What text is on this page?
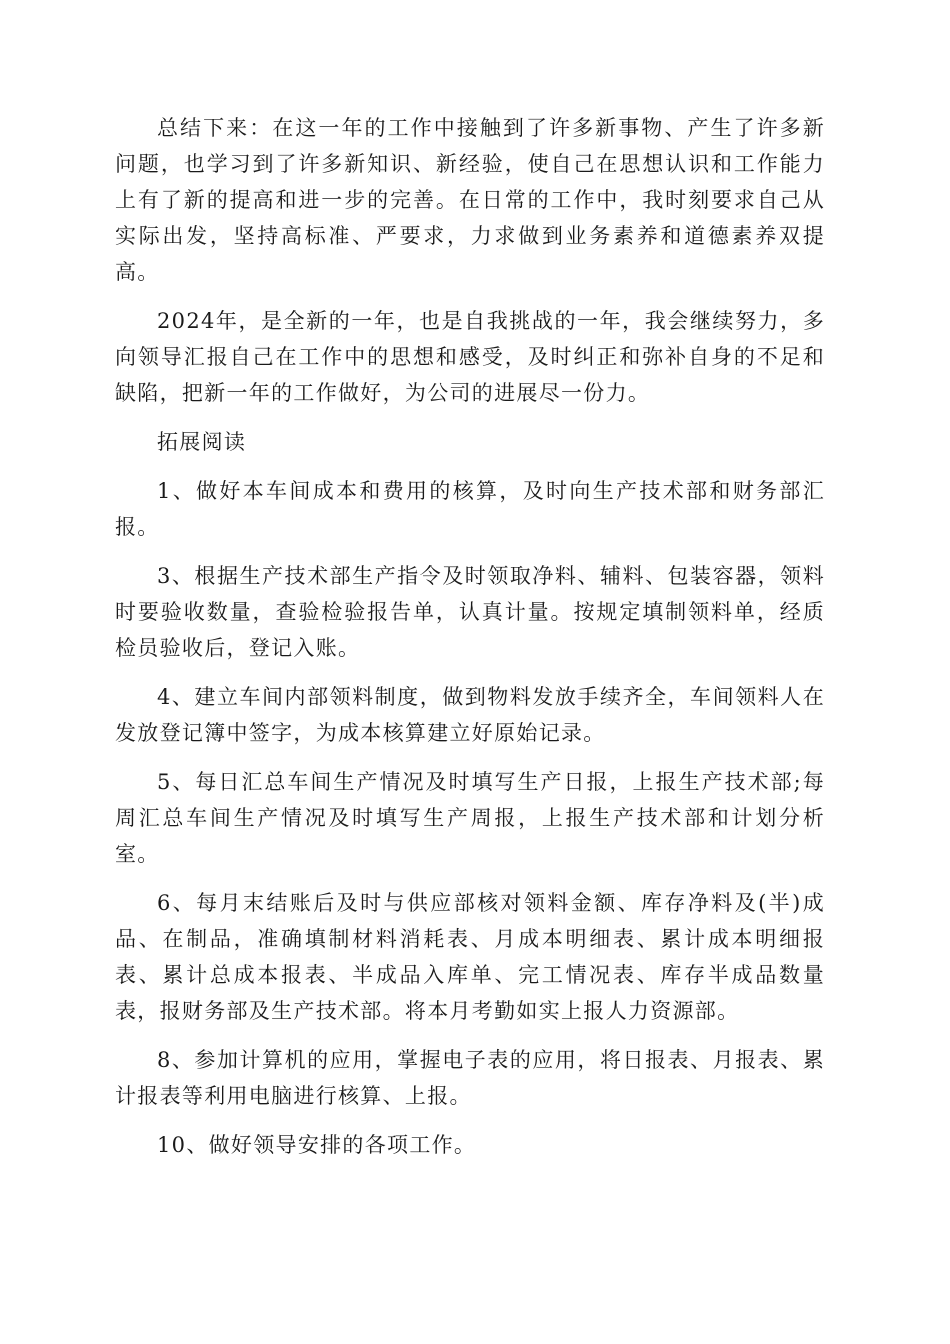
总结下来：在这一年的工作中接触到了许多新事物、产生了许多新问题，也学习到了许多新知识、新经验，使自己在思想认识和工作能力上有了新的提高和进一步的完善。在日常的工作中，我时刻要求自己从实际出发，坚持高标准、严要求，力求做到业务素养和道德素养双提高。

2024年，是全新的一年，也是自我挑战的一年，我会继续努力，多向领导汇报自己在工作中的思想和感受，及时纠正和弥补自身的不足和缺陷，把新一年的工作做好，为公司的进展尽一份力。

拓展阅读

1、做好本车间成本和费用的核算，及时向生产技术部和财务部汇报。

3、根据生产技术部生产指令及时领取净料、辅料、包装容器，领料时要验收数量，查验检验报告单，认真计量。按规定填制领料单，经质检员验收后，登记入账。

4、建立车间内部领料制度，做到物料发放手续齐全，车间领料人在发放登记簿中签字，为成本核算建立好原始记录。

5、每日汇总车间生产情况及时填写生产日报，上报生产技术部;每周汇总车间生产情况及时填写生产周报，上报生产技术部和计划分析室。

6、每月末结账后及时与供应部核对领料金额、库存净料及(半)成品、在制品，准确填制材料消耗表、月成本明细表、累计成本明细报表、累计总成本报表、半成品入库单、完工情况表、库存半成品数量表，报财务部及生产技术部。将本月考勤如实上报人力资源部。

8、参加计算机的应用，掌握电子表的应用，将日报表、月报表、累计报表等利用电脑进行核算、上报。

10、做好领导安排的各项工作。
